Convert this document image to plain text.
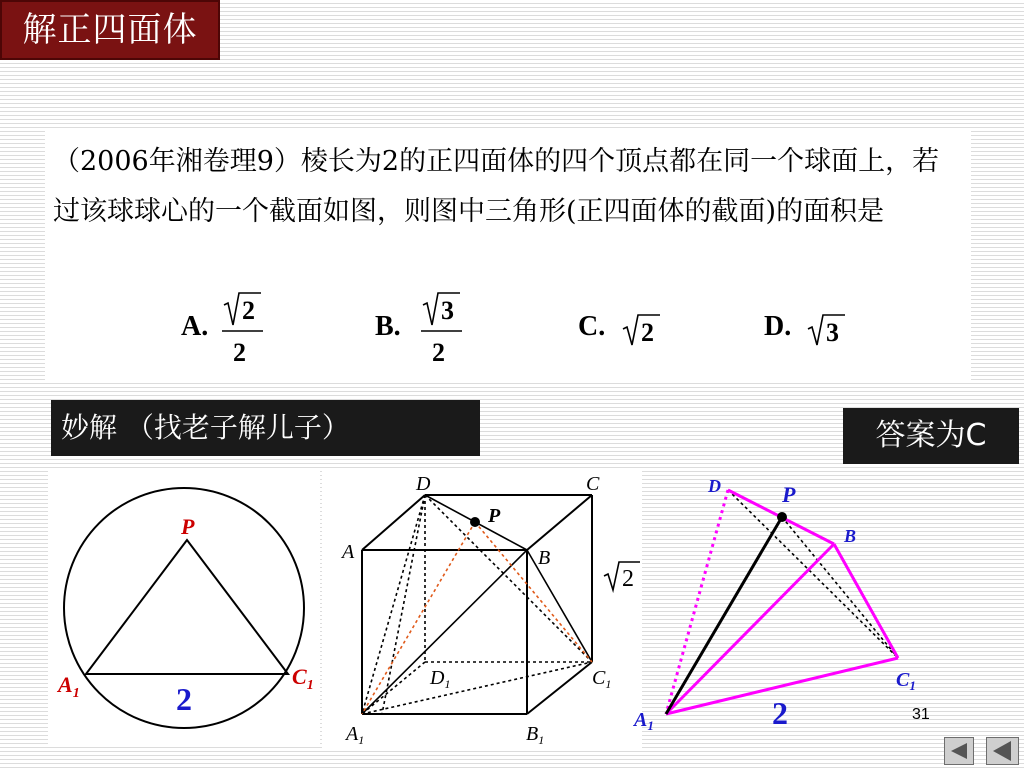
解正四面体
（2006年湘卷理9）棱长为2的正四面体的四个顶点都在同一个球面上，若过该球球心的一个截面如图，则图中三角形(正四面体的截面)的面积是
A.
2
2
B.
3
2
C. 2	D. 3
妙解 （找老子解儿子）	答案为C
P
$A_1$
$C_1$
2
D	C
A	B
P
$D_1$	$C_1$
$A_1$	$B_1$
2
D	P
B
$C_1$
$A_1$	2	31
